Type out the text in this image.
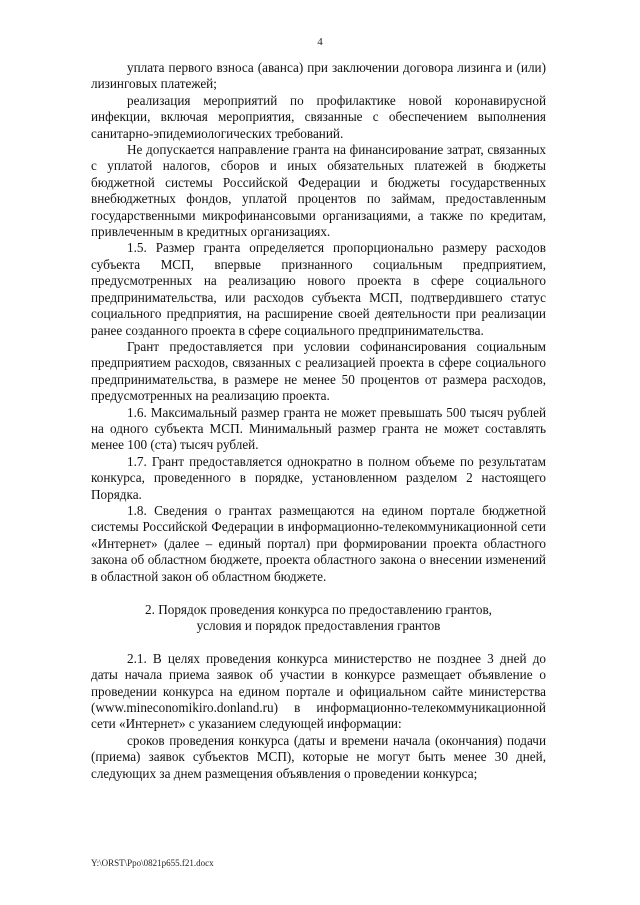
4

уплата первого взноса (аванса) при заключении договора лизинга и (или) лизинговых платежей;

реализация мероприятий по профилактике новой коронавирусной инфекции, включая мероприятия, связанные с обеспечением выполнения санитарно-эпидемиологических требований.

Не допускается направление гранта на финансирование затрат, связанных с уплатой налогов, сборов и иных обязательных платежей в бюджеты бюджетной системы Российской Федерации и бюджеты государственных внебюджетных фондов, уплатой процентов по займам, предоставленным государственными микрофинансовыми организациями, а также по кредитам, привлеченным в кредитных организациях.

1.5. Размер гранта определяется пропорционально размеру расходов субъекта МСП, впервые признанного социальным предприятием, предусмотренных на реализацию нового проекта в сфере социального предпринимательства, или расходов субъекта МСП, подтвердившего статус социального предприятия, на расширение своей деятельности при реализации ранее созданного проекта в сфере социального предпринимательства.

Грант предоставляется при условии софинансирования социальным предприятием расходов, связанных с реализацией проекта в сфере социального предпринимательства, в размере не менее 50 процентов от размера расходов, предусмотренных на реализацию проекта.

1.6. Максимальный размер гранта не может превышать 500 тысяч рублей на одного субъекта МСП. Минимальный размер гранта не может составлять менее 100 (ста) тысяч рублей.

1.7. Грант предоставляется однократно в полном объеме по результатам конкурса, проведенного в порядке, установленном разделом 2 настоящего Порядка.

1.8. Сведения о грантах размещаются на едином портале бюджетной системы Российской Федерации в информационно-телекоммуникационной сети «Интернет» (далее – единый портал) при формировании проекта областного закона об областном бюджете, проекта областного закона о внесении изменений в областной закон об областном бюджете.

2. Порядок проведения конкурса по предоставлению грантов,
условия и порядок предоставления грантов

2.1. В целях проведения конкурса министерство не позднее 3 дней до даты начала приема заявок об участии в конкурсе размещает объявление о проведении конкурса на едином портале и официальном сайте министерства (www.mineconomikiro.donland.ru) в информационно-телекоммуникационной сети «Интернет» с указанием следующей информации:

сроков проведения конкурса (даты и времени начала (окончания) подачи (приема) заявок субъектов МСП), которые не могут быть менее 30 дней, следующих за днем размещения объявления о проведении конкурса;

Y:\ORST\Ppo\0821p655.f21.docx
